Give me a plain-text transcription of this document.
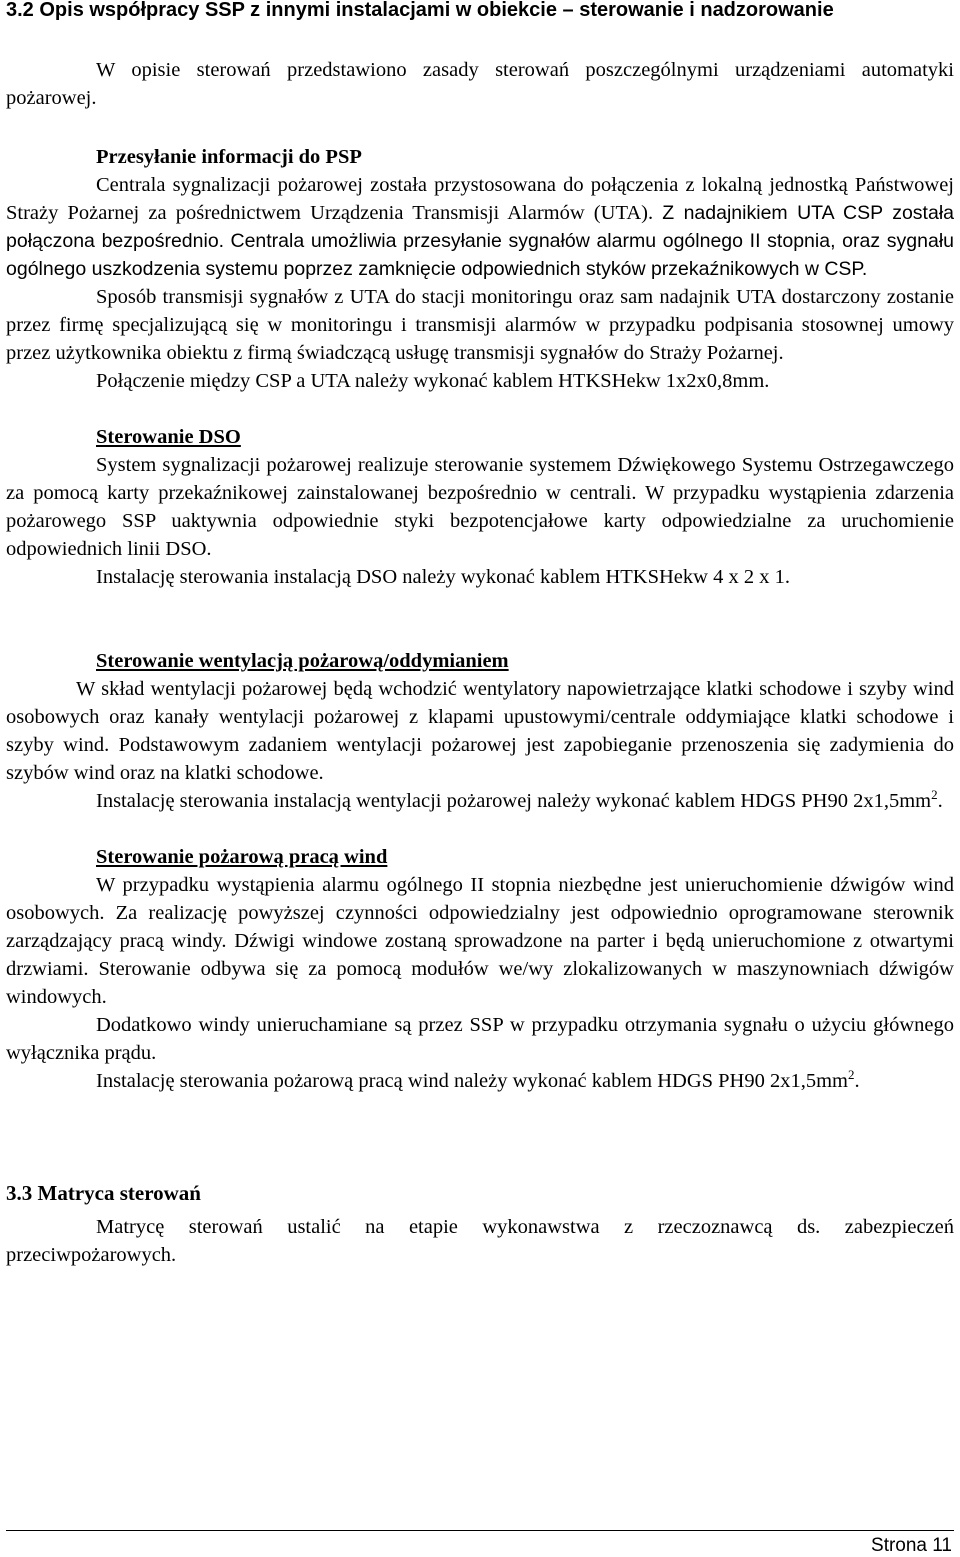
3.2 Opis współpracy SSP z innymi instalacjami w obiekcie – sterowanie i nadzorowanie

W opisie sterowań przedstawiono zasady sterowań poszczególnymi urządzeniami automatyki pożarowej.

Przesyłanie informacji do PSP

Centrala sygnalizacji pożarowej została przystosowana do połączenia z lokalną jednostką Państwowej Straży Pożarnej za pośrednictwem Urządzenia Transmisji Alarmów (UTA). Z nadajnikiem UTA CSP została połączona bezpośrednio. Centrala umożliwia przesyłanie sygnałów alarmu ogólnego II stopnia, oraz sygnału ogólnego uszkodzenia systemu poprzez zamknięcie odpowiednich styków przekaźnikowych w CSP.

Sposób transmisji sygnałów z UTA do stacji monitoringu oraz sam nadajnik UTA dostarczony zostanie przez firmę specjalizującą się w monitoringu i transmisji alarmów w przypadku podpisania stosownej umowy przez użytkownika obiektu z firmą świadczącą usługę transmisji sygnałów do Straży Pożarnej.

Połączenie między CSP a UTA należy wykonać kablem HTKSHekw 1x2x0,8mm.

Sterowanie DSO

System sygnalizacji pożarowej realizuje sterowanie systemem Dźwiękowego Systemu Ostrzegawczego za pomocą karty przekaźnikowej zainstalowanej bezpośrednio w centrali. W przypadku wystąpienia zdarzenia pożarowego SSP uaktywnia odpowiednie styki bezpotencjałowe karty odpowiedzialne za uruchomienie odpowiednich linii DSO.

Instalację sterowania instalacją DSO należy wykonać kablem HTKSHekw 4 x 2 x 1.

Sterowanie wentylacją pożarową/oddymianiem

W skład wentylacji pożarowej będą wchodzić wentylatory napowietrzające klatki schodowe i szyby wind osobowych oraz kanały wentylacji pożarowej z klapami upustowymi/centrale oddymiające klatki schodowe i szyby wind. Podstawowym zadaniem wentylacji pożarowej jest zapobieganie przenoszenia się zadymienia do szybów wind oraz na klatki schodowe.

Instalację sterowania instalacją wentylacji pożarowej należy wykonać kablem HDGS PH90 $2x1,5mm^2$.

Sterowanie pożarową pracą wind

W przypadku wystąpienia alarmu ogólnego II stopnia niezbędne jest unieruchomienie dźwigów wind osobowych. Za realizację powyższej czynności odpowiedzialny jest odpowiednio oprogramowane sterownik zarządzający pracą windy. Dźwigi windowe zostaną sprowadzone na parter i będą unieruchomione z otwartymi drzwiami. Sterowanie odbywa się za pomocą modułów we/wy zlokalizowanych w maszynowniach dźwigów windowych.

Dodatkowo windy unieruchamiane są przez SSP w przypadku otrzymania sygnału o użyciu głównego wyłącznika prądu.

Instalację sterowania pożarową pracą wind należy wykonać kablem HDGS PH90 $2x1,5mm^2$.

3.3 Matryca sterowań

Matrycę sterowań ustalić na etapie wykonawstwa z rzeczoznawcą ds. zabezpieczeń przeciwpożarowych.

Strona 11
